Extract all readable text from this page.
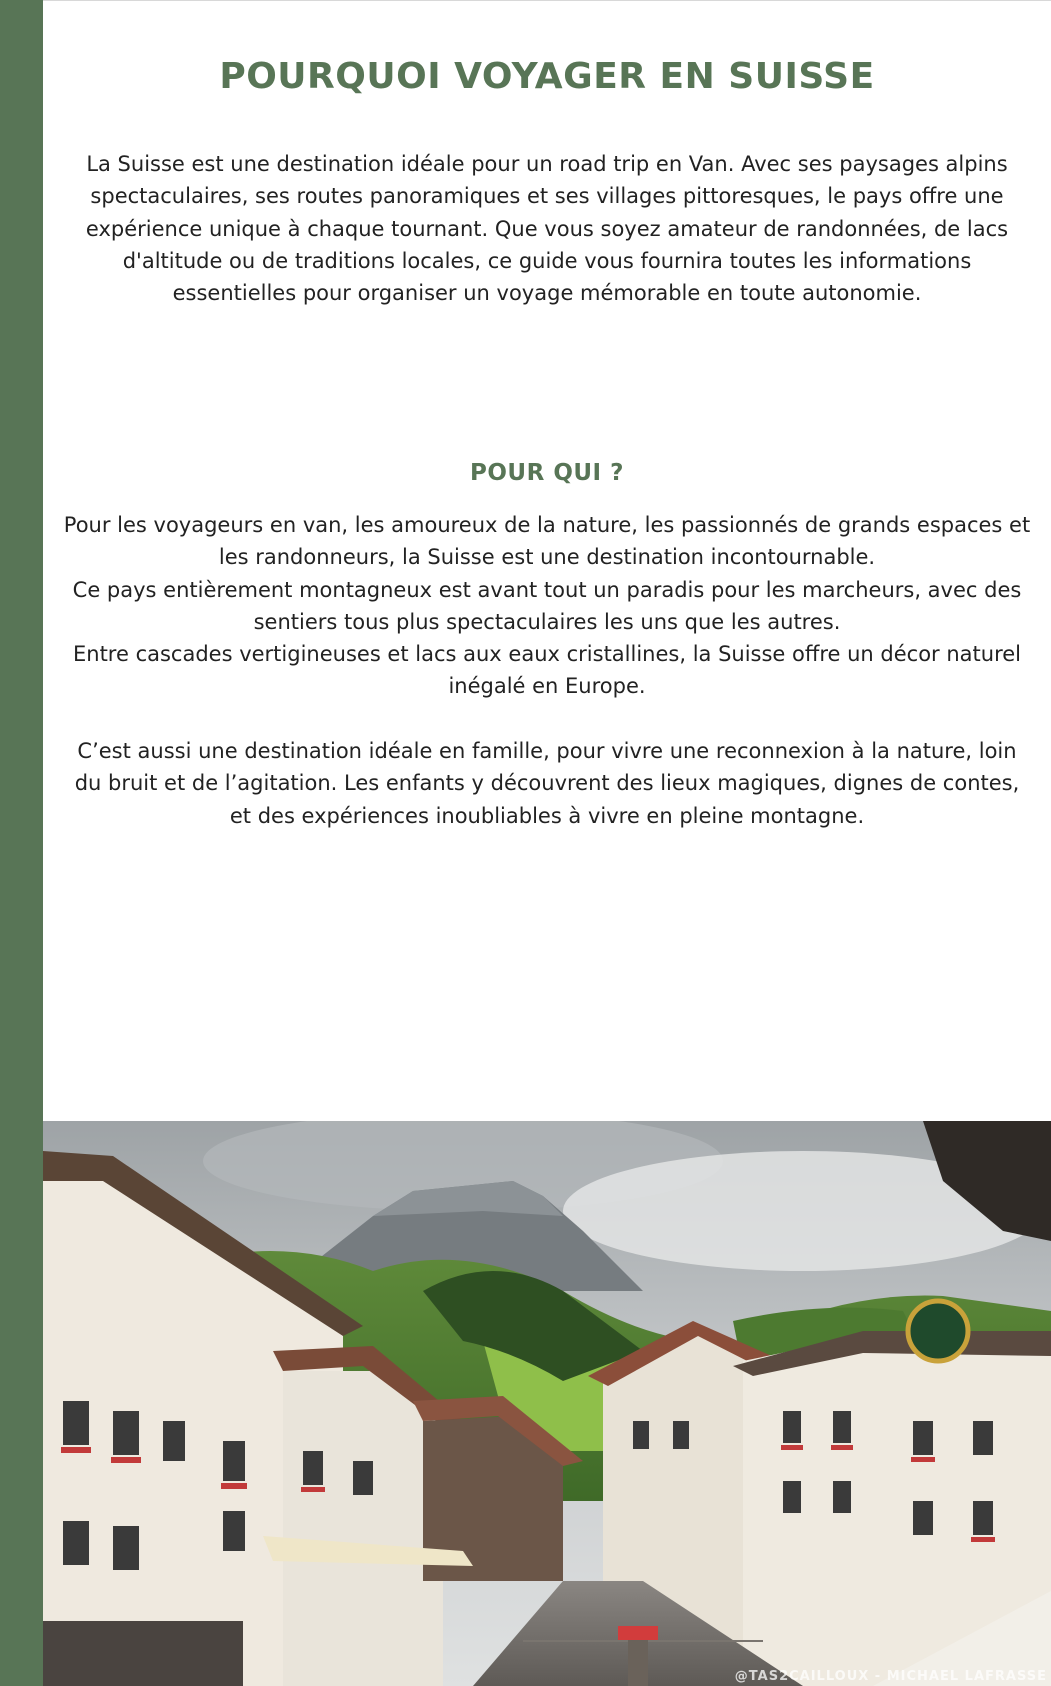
POURQUOI VOYAGER EN SUISSE

La Suisse est une destination idéale pour un road trip en Van. Avec ses paysages alpins spectaculaires, ses routes panoramiques et ses villages pittoresques, le pays offre une expérience unique à chaque tournant. Que vous soyez amateur de randonnées, de lacs d'altitude ou de traditions locales, ce guide vous fournira toutes les informations essentielles pour organiser un voyage mémorable en toute autonomie.

POUR QUI ?
Pour les voyageurs en van, les amoureux de la nature, les passionnés de grands espaces et les randonneurs, la Suisse est une destination incontournable.
Ce pays entièrement montagneux est avant tout un paradis pour les marcheurs, avec des sentiers tous plus spectaculaires les uns que les autres.
Entre cascades vertigineuses et lacs aux eaux cristallines, la Suisse offre un décor naturel inégalé en Europe.
C’est aussi une destination idéale en famille, pour vivre une reconnexion à la nature, loin du bruit et de l’agitation. Les enfants y découvrent des lieux magiques, dignes de contes, et des expériences inoubliables à vivre en pleine montagne.
@TAS2CAILLOUX - MICHAEL LAFRASSE
